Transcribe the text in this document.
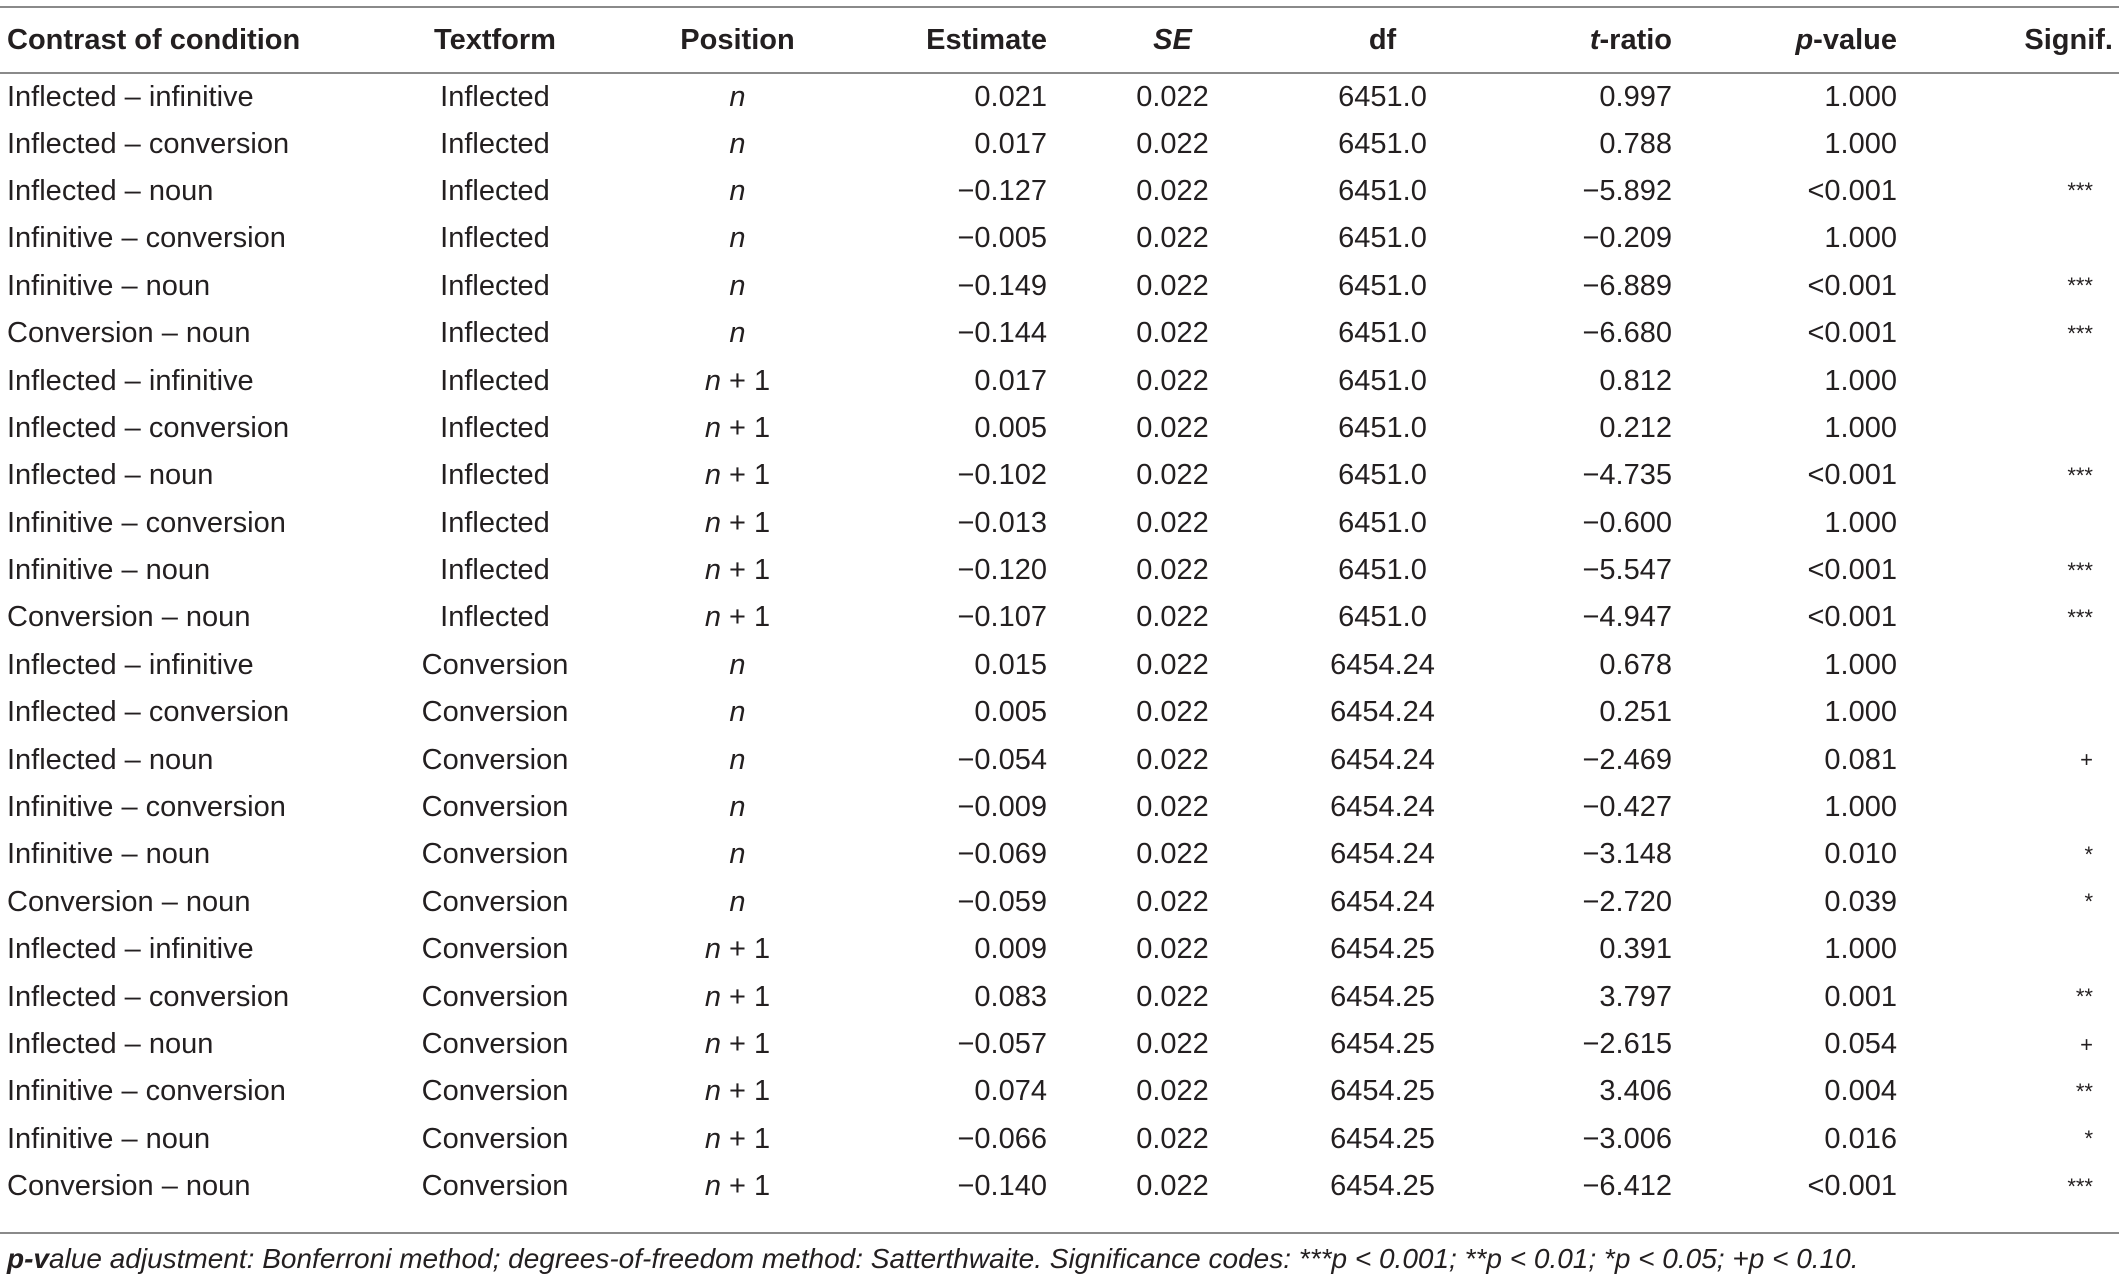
Contrast of condition	Textform	Position	Estimate	SE	df	t-ratio	p-value	Signif.
Inflected – infinitive	Inflected	n	0.021	0.022	6451.0	0.997	1.000	
Inflected – conversion	Inflected	n	0.017	0.022	6451.0	0.788	1.000	
Inflected – noun	Inflected	n	−0.127	0.022	6451.0	−5.892	<0.001	***
Infinitive – conversion	Inflected	n	−0.005	0.022	6451.0	−0.209	1.000	
Infinitive – noun	Inflected	n	−0.149	0.022	6451.0	−6.889	<0.001	***
Conversion – noun	Inflected	n	−0.144	0.022	6451.0	−6.680	<0.001	***
Inflected – infinitive	Inflected	n + 1	0.017	0.022	6451.0	0.812	1.000	
Inflected – conversion	Inflected	n + 1	0.005	0.022	6451.0	0.212	1.000	
Inflected – noun	Inflected	n + 1	−0.102	0.022	6451.0	−4.735	<0.001	***
Infinitive – conversion	Inflected	n + 1	−0.013	0.022	6451.0	−0.600	1.000	
Infinitive – noun	Inflected	n + 1	−0.120	0.022	6451.0	−5.547	<0.001	***
Conversion – noun	Inflected	n + 1	−0.107	0.022	6451.0	−4.947	<0.001	***
Inflected – infinitive	Conversion	n	0.015	0.022	6454.24	0.678	1.000	
Inflected – conversion	Conversion	n	0.005	0.022	6454.24	0.251	1.000	
Inflected – noun	Conversion	n	−0.054	0.022	6454.24	−2.469	0.081	+
Infinitive – conversion	Conversion	n	−0.009	0.022	6454.24	−0.427	1.000	
Infinitive – noun	Conversion	n	−0.069	0.022	6454.24	−3.148	0.010	*
Conversion – noun	Conversion	n	−0.059	0.022	6454.24	−2.720	0.039	*
Inflected – infinitive	Conversion	n + 1	0.009	0.022	6454.25	0.391	1.000	
Inflected – conversion	Conversion	n + 1	0.083	0.022	6454.25	3.797	0.001	**
Inflected – noun	Conversion	n + 1	−0.057	0.022	6454.25	−2.615	0.054	+
Infinitive – conversion	Conversion	n + 1	0.074	0.022	6454.25	3.406	0.004	**
Infinitive – noun	Conversion	n + 1	−0.066	0.022	6454.25	−3.006	0.016	*
Conversion – noun	Conversion	n + 1	−0.140	0.022	6454.25	−6.412	<0.001	***
p-value adjustment: Bonferroni method; degrees-of-freedom method: Satterthwaite. Significance codes: ***p < 0.001; **p < 0.01; *p < 0.05; +p < 0.10.
